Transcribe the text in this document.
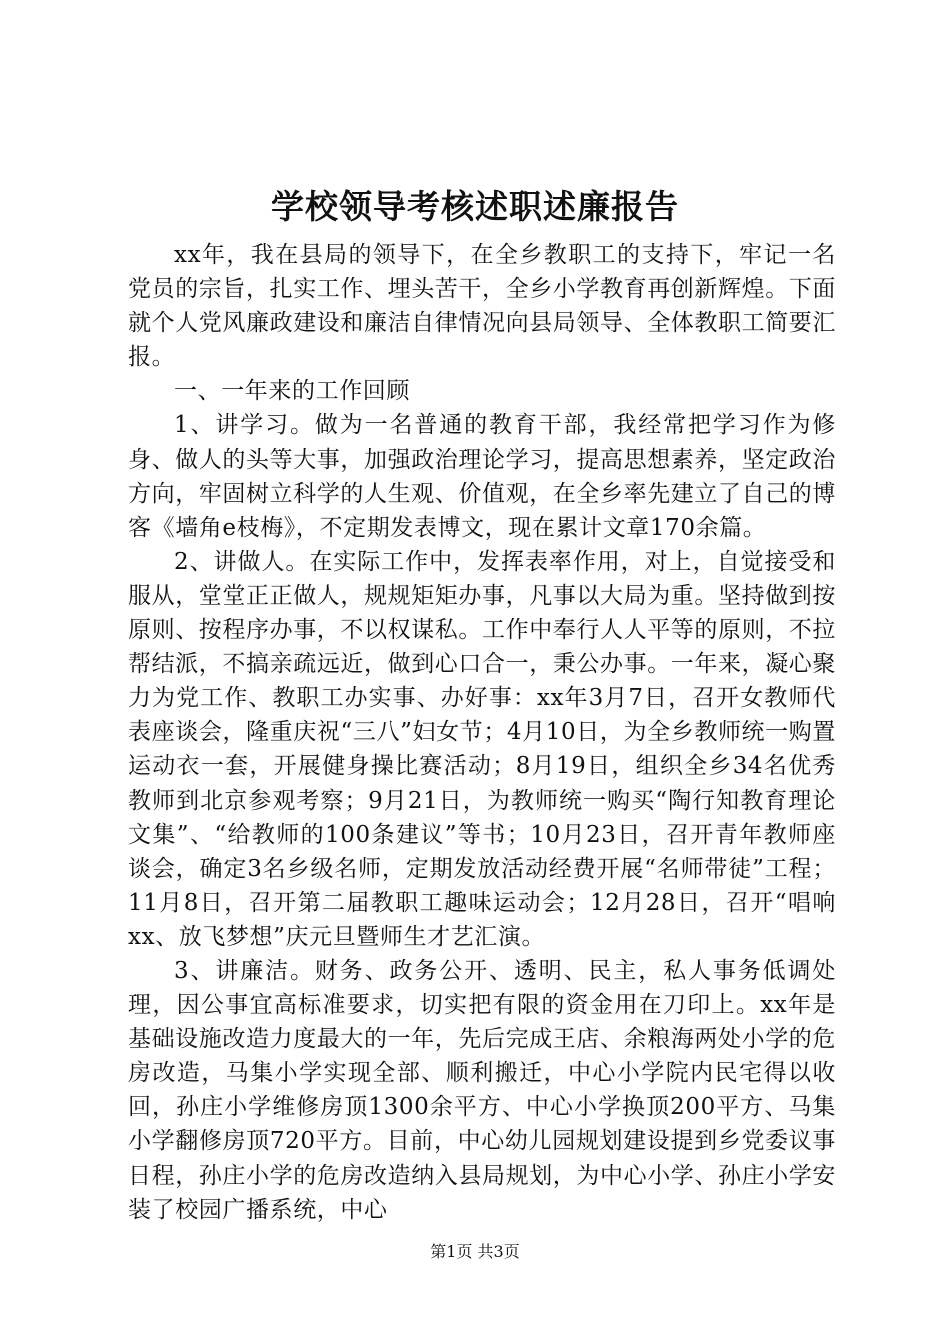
学校领导考核述职述廉报告

xx年，我在县局的领导下，在全乡教职工的支持下，牢记一名党员的宗旨，扎实工作、埋头苦干，全乡小学教育再创新辉煌。下面就个人党风廉政建设和廉洁自律情况向县局领导、全体教职工简要汇报。

一、一年来的工作回顾

1、讲学习。做为一名普通的教育干部，我经常把学习作为修身、做人的头等大事，加强政治理论学习，提高思想素养，坚定政治方向，牢固树立科学的人生观、价值观，在全乡率先建立了自己的博客《墙角e枝梅》，不定期发表博文，现在累计文章170余篇。

2、讲做人。在实际工作中，发挥表率作用，对上，自觉接受和服从，堂堂正正做人，规规矩矩办事，凡事以大局为重。坚持做到按原则、按程序办事，不以权谋私。工作中奉行人人平等的原则，不拉帮结派，不搞亲疏远近，做到心口合一，秉公办事。一年来，凝心聚力为党工作、教职工办实事、办好事：xx年3月7日，召开女教师代表座谈会，隆重庆祝“三八”妇女节；4月10日，为全乡教师统一购置运动衣一套，开展健身操比赛活动；8月19日，组织全乡34名优秀教师到北京参观考察；9月21日，为教师统一购买“陶行知教育理论文集”、“给教师的100条建议”等书；10月23日，召开青年教师座谈会，确定3名乡级名师，定期发放活动经费开展“名师带徒”工程；11月8日，召开第二届教职工趣味运动会；12月28日，召开“唱响xx、放飞梦想”庆元旦暨师生才艺汇演。

3、讲廉洁。财务、政务公开、透明、民主，私人事务低调处理，因公事宜高标准要求，切实把有限的资金用在刀印上。xx年是基础设施改造力度最大的一年，先后完成王店、余粮海两处小学的危房改造，马集小学实现全部、顺利搬迁，中心小学院内民宅得以收回，孙庄小学维修房顶1300余平方、中心小学换顶200平方、马集小学翻修房顶720平方。目前，中心幼儿园规划建设提到乡党委议事日程，孙庄小学的危房改造纳入县局规划，为中心小学、孙庄小学安装了校园广播系统，中心

第1页 共3页
